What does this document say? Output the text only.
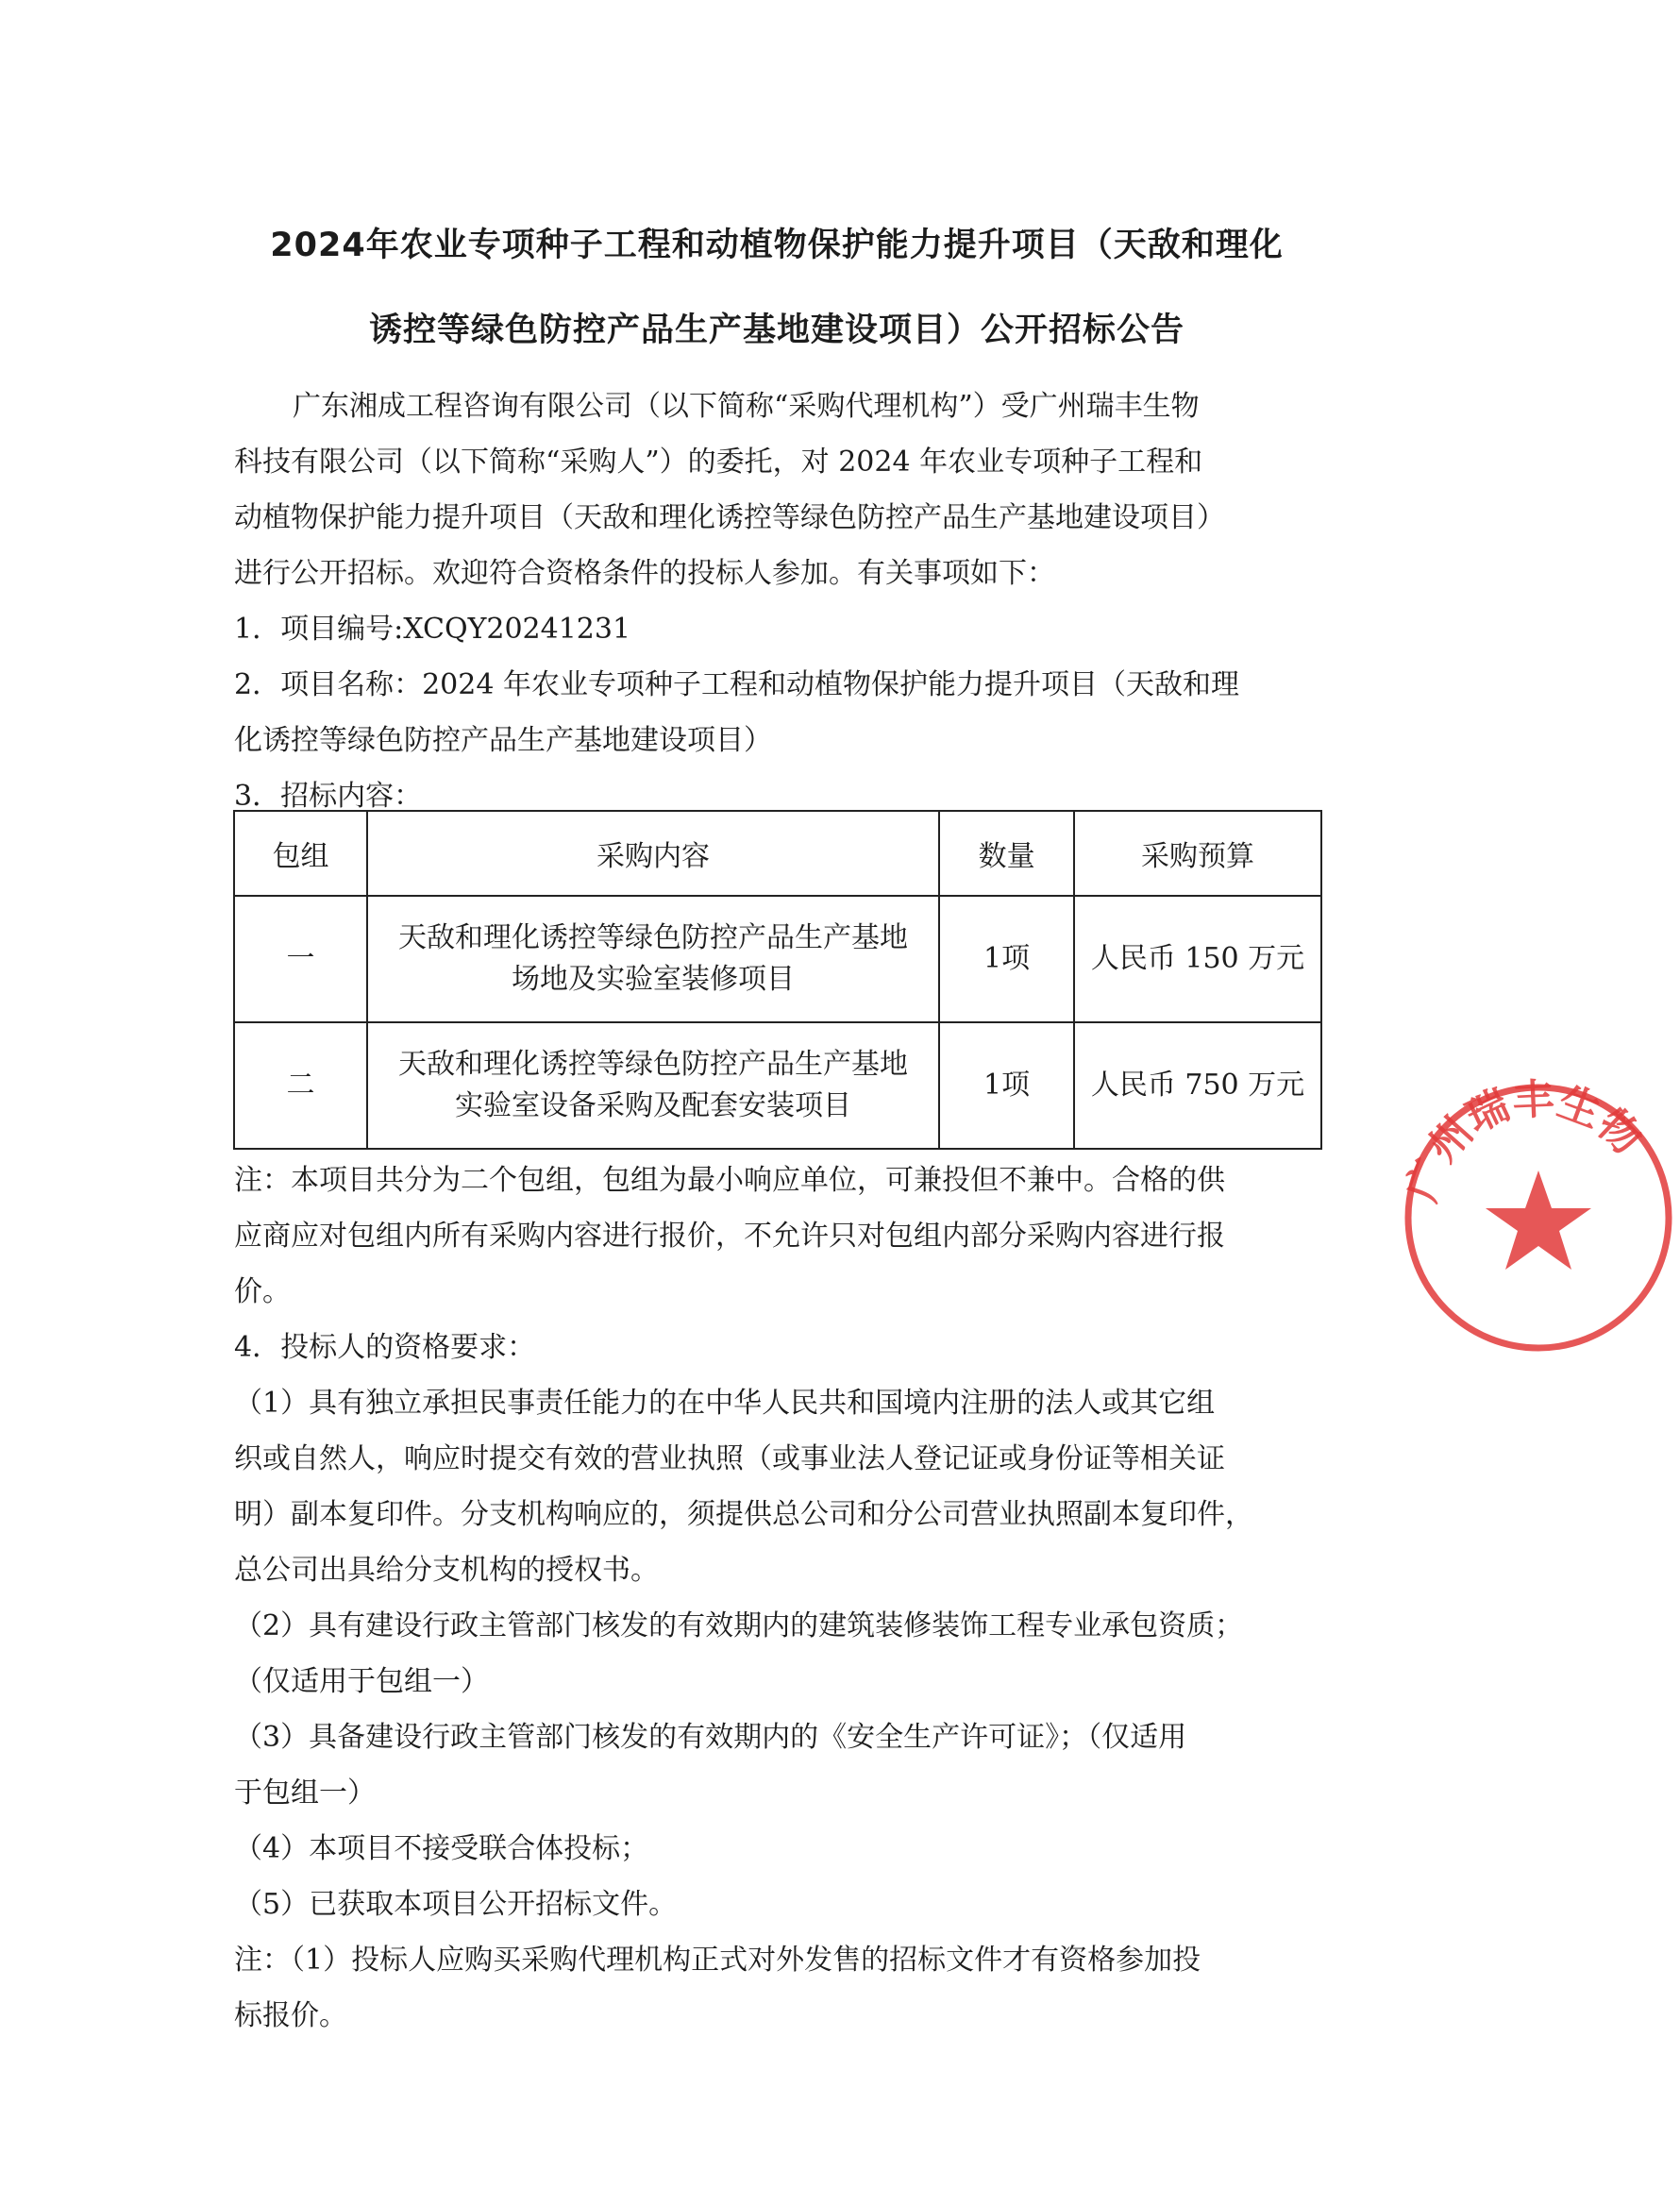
2024年农业专项种子工程和动植物保护能力提升项目（天敌和理化
诱控等绿色防控产品生产基地建设项目）公开招标公告
广东湘成工程咨询有限公司（以下简称“采购代理机构”）受广州瑞丰生物
科技有限公司（以下简称“采购人”）的委托，对 2024 年农业专项种子工程和
动植物保护能力提升项目（天敌和理化诱控等绿色防控产品生产基地建设项目）
进行公开招标。欢迎符合资格条件的投标人参加。有关事项如下：
1．项目编号:XCQY20241231
2．项目名称：2024 年农业专项种子工程和动植物保护能力提升项目（天敌和理
化诱控等绿色防控产品生产基地建设项目）
3．招标内容：
包组	采购内容	数量	采购预算
一	天敌和理化诱控等绿色防控产品生产基地
场地及实验室装修项目	1项	人民币 150 万元
二	天敌和理化诱控等绿色防控产品生产基地
实验室设备采购及配套安装项目	1项	人民币 750 万元
注：本项目共分为二个包组，包组为最小响应单位，可兼投但不兼中。合格的供
应商应对包组内所有采购内容进行报价，不允许只对包组内部分采购内容进行报
价。
4．投标人的资格要求：
（1）具有独立承担民事责任能力的在中华人民共和国境内注册的法人或其它组
织或自然人，响应时提交有效的营业执照（或事业法人登记证或身份证等相关证
明）副本复印件。分支机构响应的，须提供总公司和分公司营业执照副本复印件，
总公司出具给分支机构的授权书。
（2）具有建设行政主管部门核发的有效期内的建筑装修装饰工程专业承包资质；
（仅适用于包组一）
（3）具备建设行政主管部门核发的有效期内的《安全生产许可证》；（仅适用
于包组一）
（4）本项目不接受联合体投标；
（5）已获取本项目公开招标文件。
注：（1）投标人应购买采购代理机构正式对外发售的招标文件才有资格参加投
标报价。
广州瑞丰生物
